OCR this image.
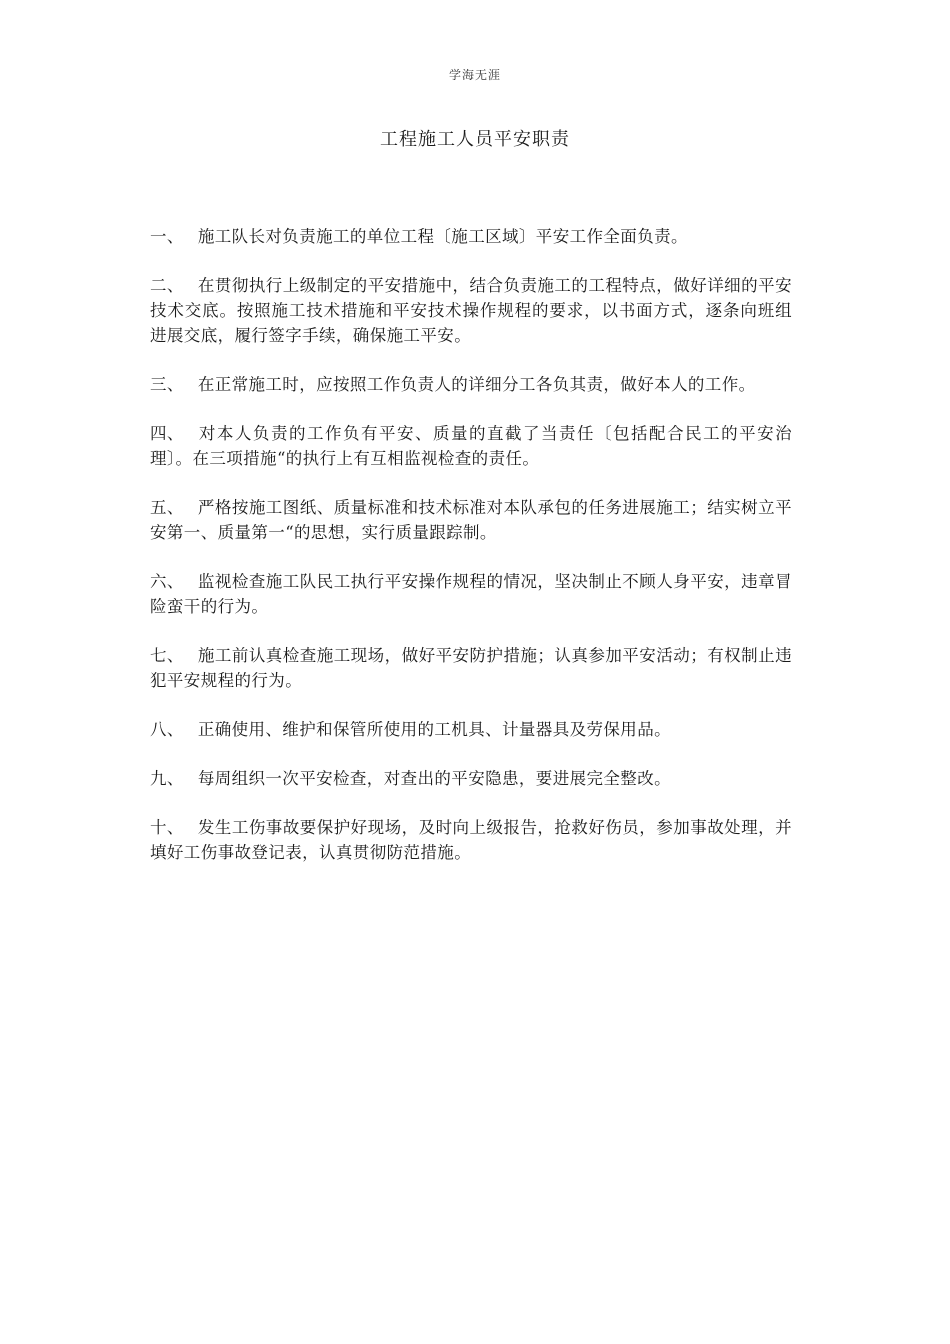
学海无涯
工程施工人员平安职责

一、 施工队长对负责施工的单位工程〔施工区域〕平安工作全面负责。

二、 在贯彻执行上级制定的平安措施中，结合负责施工的工程特点，做好详细的平安技术交底。按照施工技术措施和平安技术操作规程的要求，以书面方式，逐条向班组进展交底，履行签字手续，确保施工平安。

三、 在正常施工时，应按照工作负责人的详细分工各负其责，做好本人的工作。

四、 对本人负责的工作负有平安、质量的直截了当责任〔包括配合民工的平安治理〕。在三项措施“的执行上有互相监视检查的责任。

五、 严格按施工图纸、质量标准和技术标准对本队承包的任务进展施工；结实树立平安第一、质量第一“的思想，实行质量跟踪制。

六、 监视检查施工队民工执行平安操作规程的情况，坚决制止不顾人身平安，违章冒险蛮干的行为。

七、 施工前认真检查施工现场，做好平安防护措施；认真参加平安活动；有权制止违犯平安规程的行为。

八、 正确使用、维护和保管所使用的工机具、计量器具及劳保用品。

九、 每周组织一次平安检查，对查出的平安隐患，要进展完全整改。

十、 发生工伤事故要保护好现场，及时向上级报告，抢救好伤员，参加事故处理，并填好工伤事故登记表，认真贯彻防范措施。
